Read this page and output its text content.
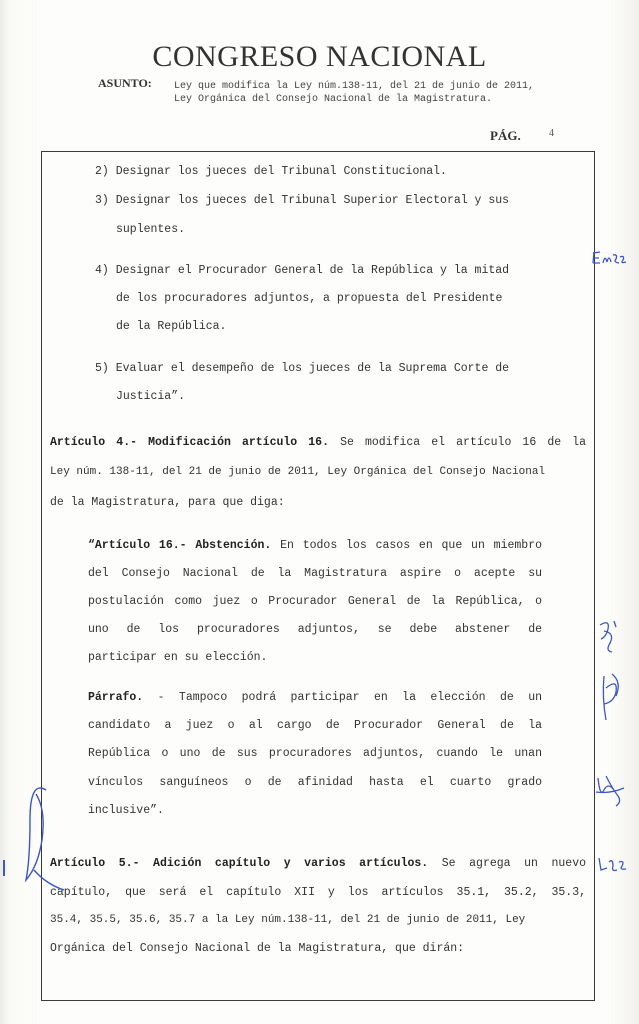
CONGRESO NACIONAL
ASUNTO: Ley que modifica la Ley núm.138-11, del 21 de junio de 2011,
Ley Orgánica del Consejo Nacional de la Magistratura.
PÁG.	4
2) Designar los jueces del Tribunal Constitucional.
3) Designar los jueces del Tribunal Superior Electoral y sus
suplentes.
4) Designar el Procurador General de la República y la mitad
de los procuradores adjuntos, a propuesta del Presidente
de la República.
5) Evaluar el desempeño de los jueces de la Suprema Corte de
Justicia”.
Artículo 4.- Modificación artículo 16. Se modifica el artículo 16 de la
Ley núm. 138-11, del 21 de junio de 2011, Ley Orgánica del Consejo Nacional
de la Magistratura, para que diga:
“Artículo 16.- Abstención. En todos los casos en que un miembro
del Consejo Nacional de la Magistratura aspire o acepte su
postulación como juez o Procurador General de la República, o
uno de los procuradores adjuntos, se debe abstener de
participar en su elección.
Párrafo. - Tampoco podrá participar en la elección de un
candidato a juez o al cargo de Procurador General de la
República o uno de sus procuradores adjuntos, cuando le unan
vínculos sanguíneos o de afinidad hasta el cuarto grado
inclusive”.
Artículo 5.- Adición capítulo y varios artículos. Se agrega un nuevo
capítulo, que será el capítulo XII y los artículos 35.1, 35.2, 35.3,
35.4, 35.5, 35.6, 35.7 a la Ley núm.138-11, del 21 de junio de 2011, Ley
Orgánica del Consejo Nacional de la Magistratura, que dirán:
